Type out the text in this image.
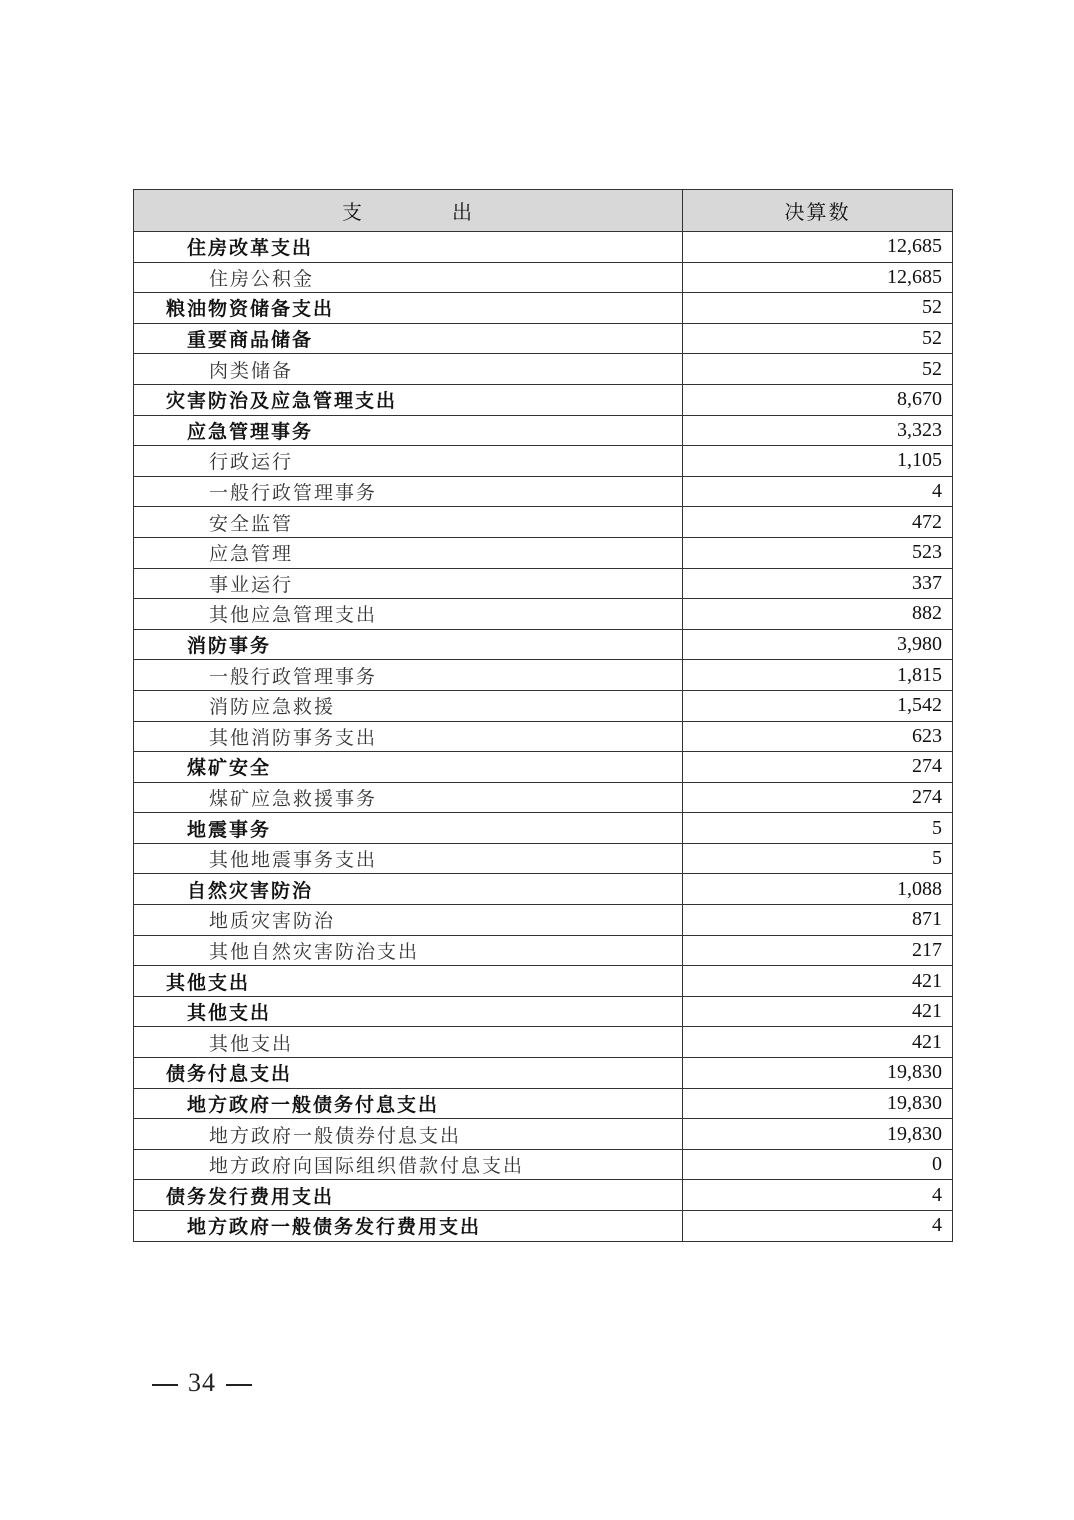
支　　　　出	决算数
住房改革支出	12,685
住房公积金	12,685
粮油物资储备支出	52
重要商品储备	52
肉类储备	52
灾害防治及应急管理支出	8,670
应急管理事务	3,323
行政运行	1,105
一般行政管理事务	4
安全监管	472
应急管理	523
事业运行	337
其他应急管理支出	882
消防事务	3,980
一般行政管理事务	1,815
消防应急救援	1,542
其他消防事务支出	623
煤矿安全	274
煤矿应急救援事务	274
地震事务	5
其他地震事务支出	5
自然灾害防治	1,088
地质灾害防治	871
其他自然灾害防治支出	217
其他支出	421
其他支出	421
其他支出	421
债务付息支出	19,830
地方政府一般债务付息支出	19,830
地方政府一般债券付息支出	19,830
地方政府向国际组织借款付息支出	0
债务发行费用支出	4
地方政府一般债务发行费用支出	4
34
